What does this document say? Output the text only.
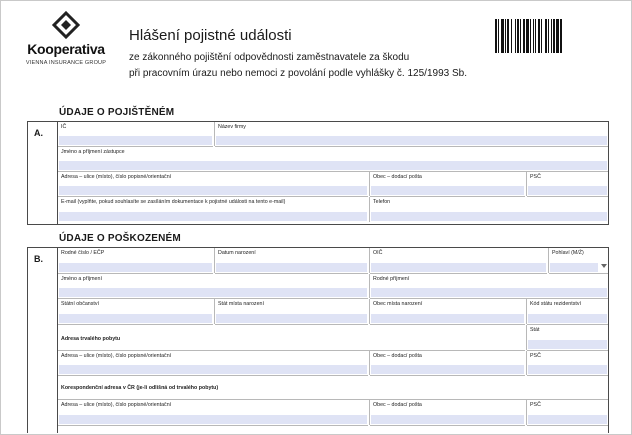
Kooperativa
VIENNA INSURANCE GROUP
Hlášení pojistné události
ze zákonného pojištění odpovědnosti zaměstnavatele za škodu
při pracovním úrazu nebo nemoci z povolání podle vyhlášky č. 125/1993 Sb.
ÚDAJE O POJIŠTĚNÉM
A.
IČ	Název firmy
Jméno a příjmení zástupce
Adresa – ulice (místo), číslo popisné/orientační	Obec – dodací pošta	PSČ
E-mail (vyplňte, pokud souhlasíte se zasíláním dokumentace k pojistné události na tento e-mail)	Telefon
ÚDAJE O POŠKOZENÉM
B.
Rodné číslo / EČP	Datum narození	OIČ	Pohlaví (M/Ž)
Jméno a příjmení	Rodné příjmení
Státní občanství	Stát místa narození	Obec místa narození	Kód státu rezidentství
Adresa trvalého pobytu
Stát
Adresa – ulice (místo), číslo popisné/orientační	Obec – dodací pošta	PSČ
Korespondenční adresa v ČR (je-li odlišná od trvalého pobytu)
Adresa – ulice (místo), číslo popisné/orientační	Obec – dodací pošta	PSČ
